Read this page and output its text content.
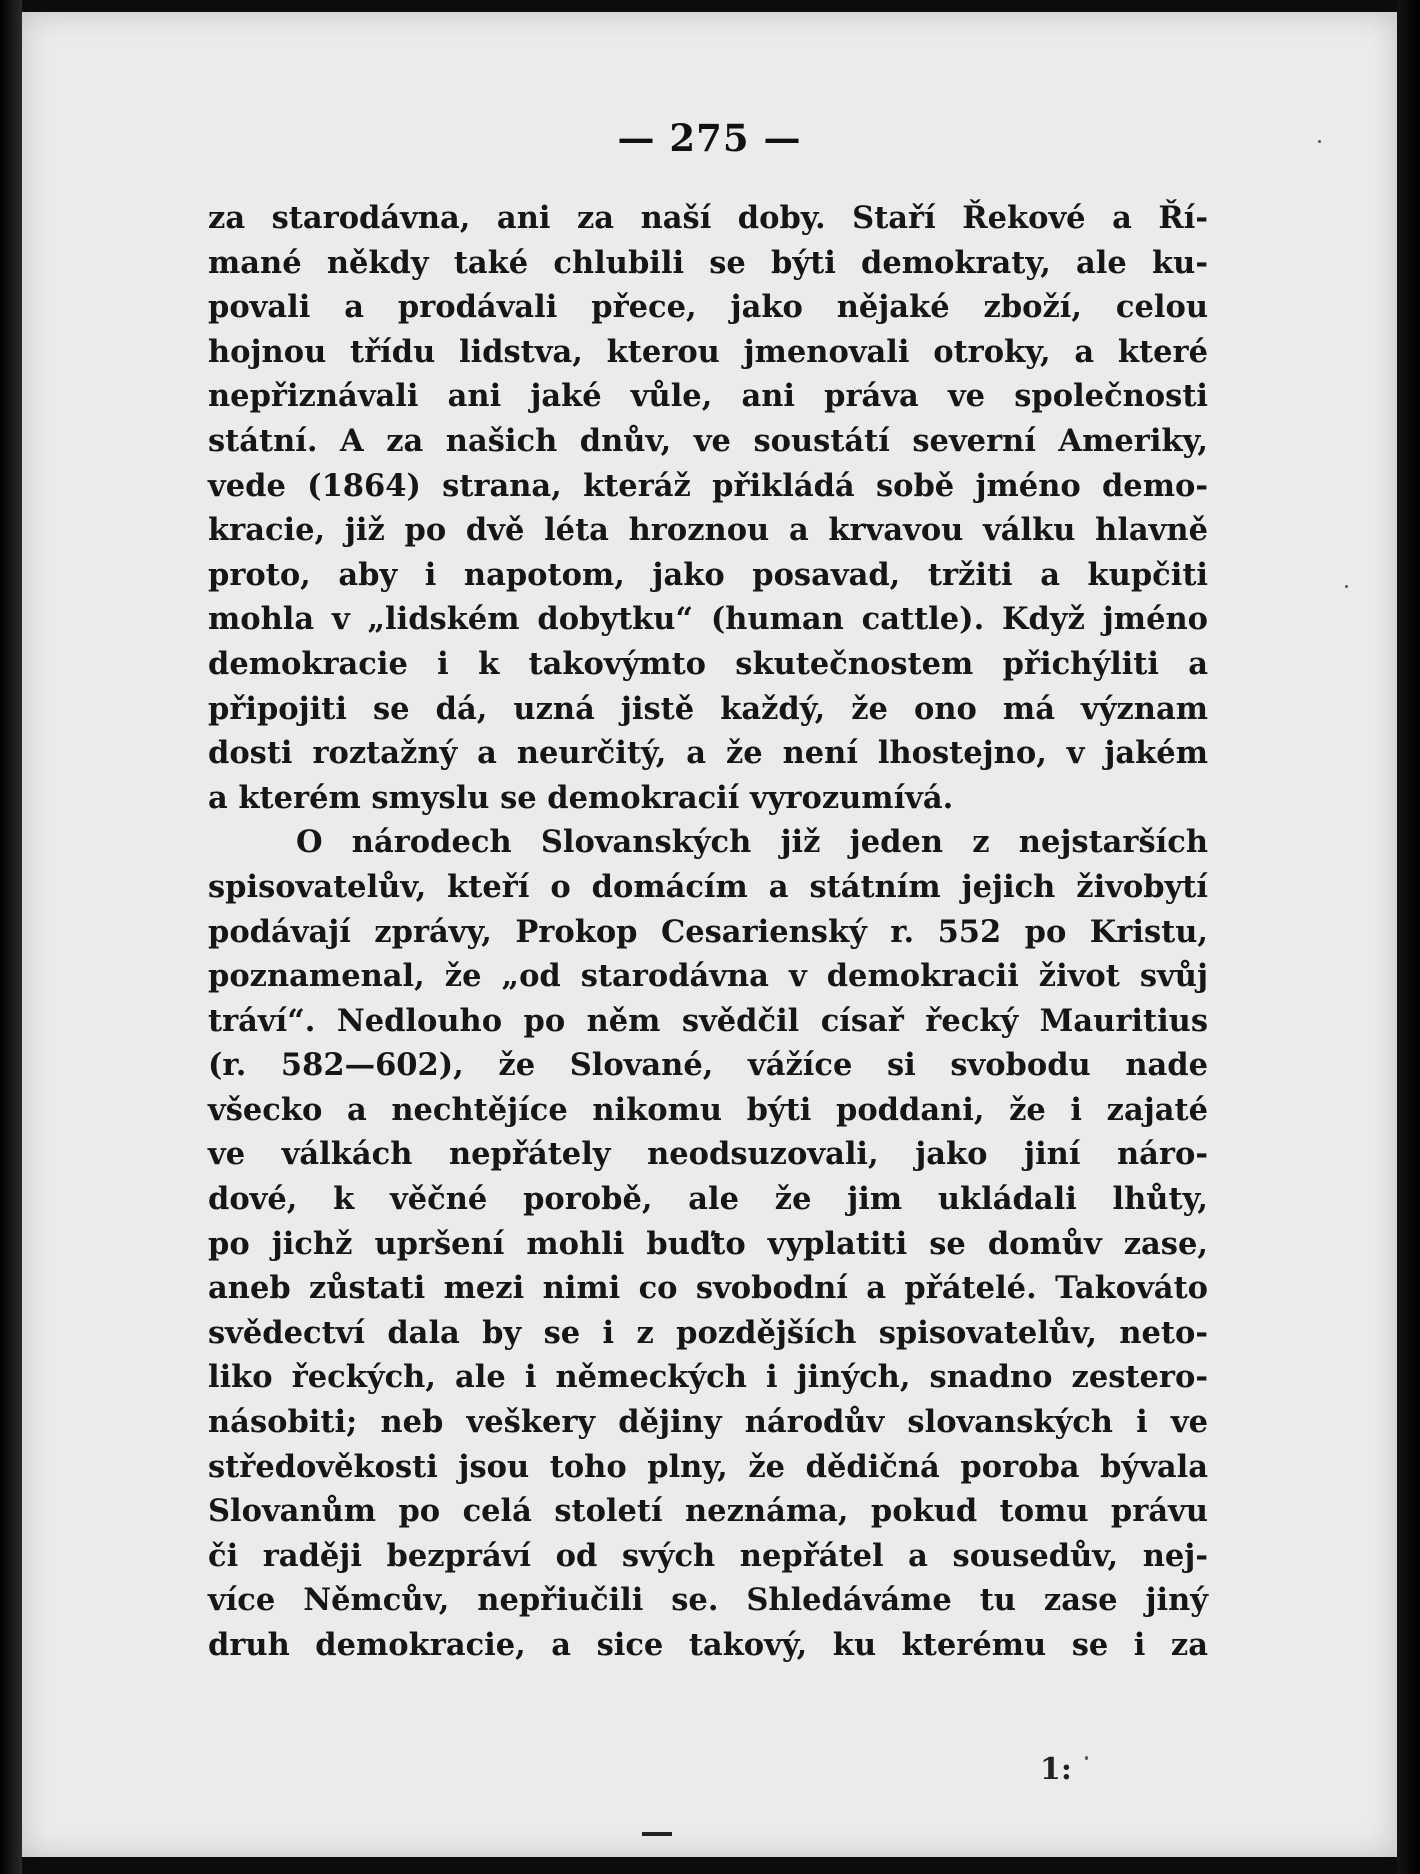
— 275 —
za starodávna, ani za naší doby. Staří Řekové a Ří-
mané někdy také chlubili se býti demokraty, ale ku-
povali a prodávali přece, jako nějaké zboží, celou
hojnou třídu lidstva, kterou jmenovali otroky, a které
nepřiznávali ani jaké vůle, ani práva ve společnosti
státní. A za našich dnův, ve soustátí severní Ameriky,
vede (1864) strana, kteráž přikládá sobě jméno demo-
kracie, již po dvě léta hroznou a krvavou válku hlavně
proto, aby i napotom, jako posavad, tržiti a kupčiti
mohla v „lidském dobytku“ (human cattle). Když jméno
demokracie i k takovýmto skutečnostem přichýliti a
připojiti se dá, uzná jistě každý, že ono má význam
dosti roztažný a neurčitý, a že není lhostejno, v jakém
a kterém smyslu se demokracií vyrozumívá.
O národech Slovanských již jeden z nejstarších
spisovatelův, kteří o domácím a státním jejich živobytí
podávají zprávy, Prokop Cesarienský r. 552 po Kristu,
poznamenal, že „od starodávna v demokracii život svůj
tráví“. Nedlouho po něm svědčil císař řecký Mauritius
(r. 582—602), že Slované, vážíce si svobodu nade
všecko a nechtějíce nikomu býti poddani, že i zajaté
ve válkách nepřátely neodsuzovali, jako jiní náro-
dové, k věčné porobě, ale že jim ukládali lhůty,
po jichž upršení mohli buďto vyplatiti se domův zase,
aneb zůstati mezi nimi co svobodní a přátelé. Takováto
svědectví dala by se i z pozdějších spisovatelův, neto-
liko řeckých, ale i německých i jiných, snadno zestero-
násobiti; neb veškery dějiny národův slovanských i ve
středověkosti jsou toho plny, že dědičná poroba bývala
Slovanům po celá století neznáma, pokud tomu právu
či raději bezpráví od svých nepřátel a sousedův, nej-
více Němcův, nepřiučili se. Shledáváme tu zase jiný
druh demokracie, a sice takový, ku kterému se i za
1:
